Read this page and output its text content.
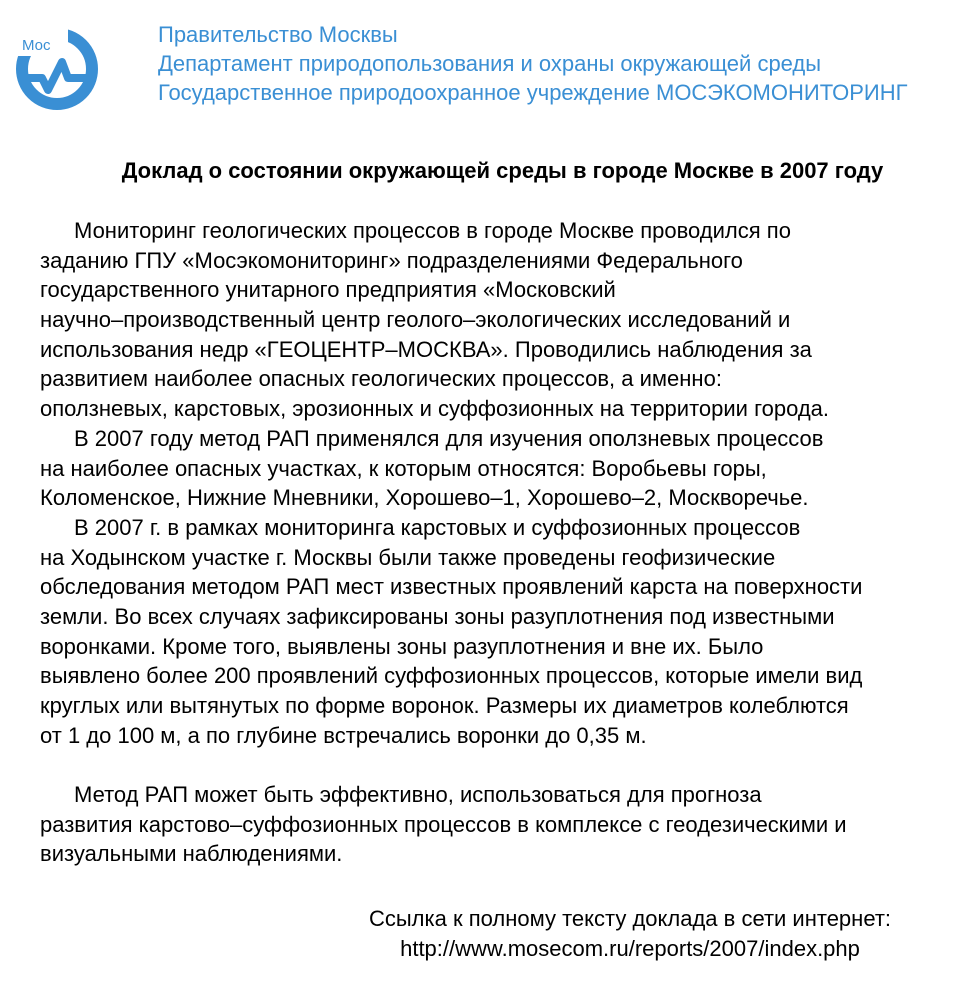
Мос	Правительство Москвы
Департамент природопользования и охраны окружающей среды
Государственное природоохранное учреждение МОСЭКОМОНИТОРИНГ
Доклад о состоянии окружающей среды в городе Москве в 2007 году
Мониторинг геологических процессов в городе Москве проводился по
заданию ГПУ «Мосэкомониторинг» подразделениями Федерального
государственного унитарного предприятия «Московский
научно–производственный центр геолого–экологических исследований и
использования недр «ГЕОЦЕНТР–МОСКВА». Проводились наблюдения за
развитием наиболее опасных геологических процессов, а именно:
оползневых, карстовых, эрозионных и суффозионных на территории города.
В 2007 году метод РАП применялся для изучения оползневых процессов
на наиболее опасных участках, к которым относятся: Воробьевы горы,
Коломенское, Нижние Мневники, Хорошево–1, Хорошево–2, Москворечье.
В 2007 г. в рамках мониторинга карстовых и суффозионных процессов
на Ходынском участке г. Москвы были также проведены геофизические
обследования методом РАП мест известных проявлений карста на поверхности
земли. Во всех случаях зафиксированы зоны разуплотнения под известными
воронками. Кроме того, выявлены зоны разуплотнения и вне их. Было
выявлено более 200 проявлений суффозионных процессов, которые имели вид
круглых или вытянутых по форме воронок. Размеры их диаметров колеблются
от 1 до 100 м, а по глубине встречались воронки до 0,35 м.
Метод РАП может быть эффективно, использоваться для прогноза
развития карстово–суффозионных процессов в комплексе с геодезическими и
визуальными наблюдениями.
Ссылка к полному тексту доклада в сети интернет:
http://www.mosecom.ru/reports/2007/index.php
